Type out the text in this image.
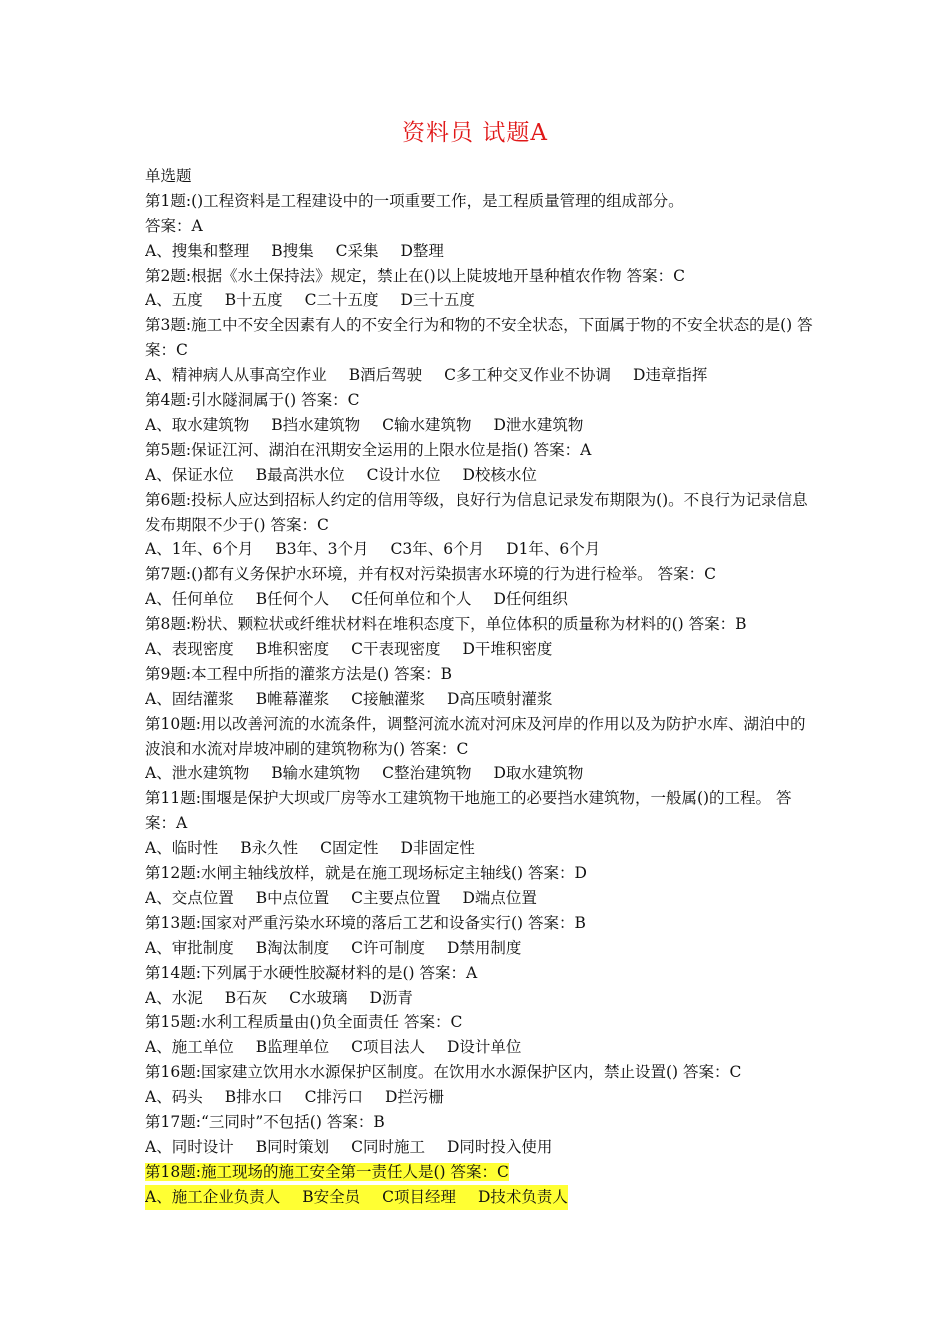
资料员 试题A
单选题
第1题:()工程资料是工程建设中的一项重要工作，是工程质量管理的组成部分。
答案：A
A、搜集和整理 B搜集 C采集 D整理
第2题:根据《水土保持法》规定，禁止在()以上陡坡地开垦种植农作物 答案：C
A、五度 B十五度 C二十五度 D三十五度
第3题:施工中不安全因素有人的不安全行为和物的不安全状态，下面属于物的不安全状态的是() 答案：C
A、精神病人从事高空作业 B酒后驾驶 C多工种交叉作业不协调 D违章指挥
第4题:引水隧洞属于() 答案：C
A、取水建筑物 B挡水建筑物 C输水建筑物 D泄水建筑物
第5题:保证江河、湖泊在汛期安全运用的上限水位是指() 答案：A
A、保证水位 B最高洪水位 C设计水位 D校核水位
第6题:投标人应达到招标人约定的信用等级，良好行为信息记录发布期限为()。不良行为记录信息发布期限不少于() 答案：C
A、1年、6个月 B3年、3个月 C3年、6个月 D1年、6个月
第7题:()都有义务保护水环境，并有权对污染损害水环境的行为进行检举。 答案：C
A、任何单位 B任何个人 C任何单位和个人 D任何组织
第8题:粉状、颗粒状或纤维状材料在堆积态度下，单位体积的质量称为材料的() 答案：B
A、表现密度 B堆积密度 C干表现密度 D干堆积密度
第9题:本工程中所指的灌浆方法是() 答案：B
A、固结灌浆 B帷幕灌浆 C接触灌浆 D高压喷射灌浆
第10题:用以改善河流的水流条件，调整河流水流对河床及河岸的作用以及为防护水库、湖泊中的波浪和水流对岸坡冲刷的建筑物称为() 答案：C
A、泄水建筑物 B输水建筑物 C整治建筑物 D取水建筑物
第11题:围堰是保护大坝或厂房等水工建筑物干地施工的必要挡水建筑物，一般属()的工程。 答案：A
A、临时性 B永久性 C固定性 D非固定性
第12题:水闸主轴线放样，就是在施工现场标定主轴线() 答案：D
A、交点位置 B中点位置 C主要点位置 D端点位置
第13题:国家对严重污染水环境的落后工艺和设备实行() 答案：B
A、审批制度 B淘汰制度 C许可制度 D禁用制度
第14题:下列属于水硬性胶凝材料的是() 答案：A
A、水泥 B石灰 C水玻璃 D沥青
第15题:水利工程质量由()负全面责任 答案：C
A、施工单位 B监理单位 C项目法人 D设计单位
第16题:国家建立饮用水水源保护区制度。在饮用水水源保护区内，禁止设置() 答案：C
A、码头 B排水口 C排污口 D拦污栅
第17题:“三同时”不包括() 答案：B
A、同时设计 B同时策划 C同时施工 D同时投入使用
第18题:施工现场的施工安全第一责任人是() 答案：C
A、施工企业负责人 B安全员 C项目经理 D技术负责人
